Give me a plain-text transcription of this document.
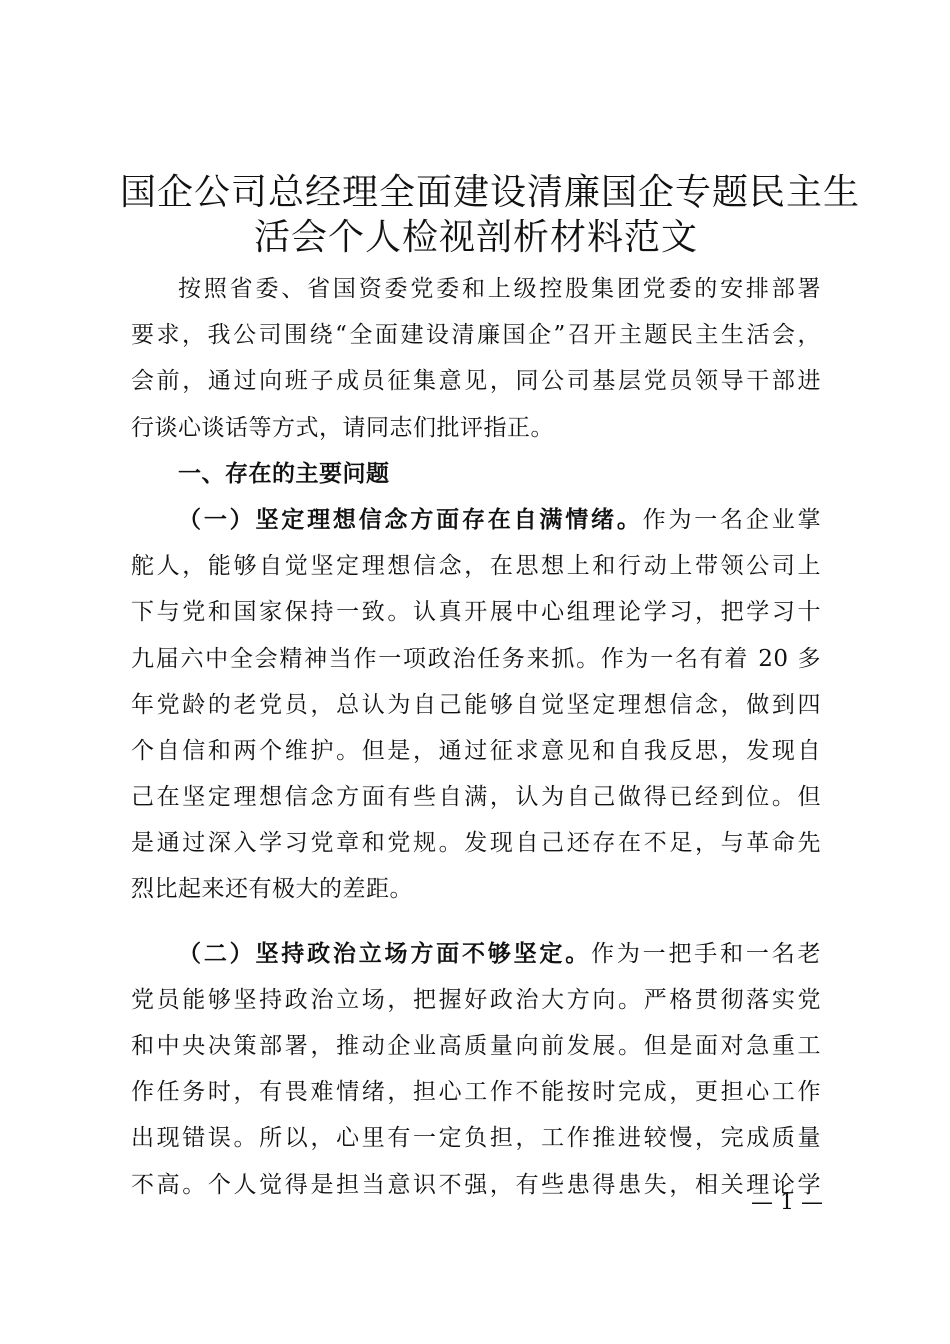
国企公司总经理全面建设清廉国企专题民主生
活会个人检视剖析材料范文
按照省委、省国资委党委和上级控股集团党委的安排部署
要求，我公司围绕“全面建设清廉国企”召开主题民主生活会，
会前，通过向班子成员征集意见，同公司基层党员领导干部进
行谈心谈话等方式，请同志们批评指正。
一、存在的主要问题
（一）坚定理想信念方面存在自满情绪。作为一名企业掌
舵人，能够自觉坚定理想信念，在思想上和行动上带领公司上
下与党和国家保持一致。认真开展中心组理论学习，把学习十
九届六中全会精神当作一项政治任务来抓。作为一名有着 20 多
年党龄的老党员，总认为自己能够自觉坚定理想信念，做到四
个自信和两个维护。但是，通过征求意见和自我反思，发现自
己在坚定理想信念方面有些自满，认为自己做得已经到位。但
是通过深入学习党章和党规。发现自己还存在不足，与革命先
烈比起来还有极大的差距。
（二）坚持政治立场方面不够坚定。作为一把手和一名老
党员能够坚持政治立场，把握好政治大方向。严格贯彻落实党
和中央决策部署，推动企业高质量向前发展。但是面对急重工
作任务时，有畏难情绪，担心工作不能按时完成，更担心工作
出现错误。所以，心里有一定负担，工作推进较慢，完成质量
不高。个人觉得是担当意识不强，有些患得患失，相关理论学
— 1 —
